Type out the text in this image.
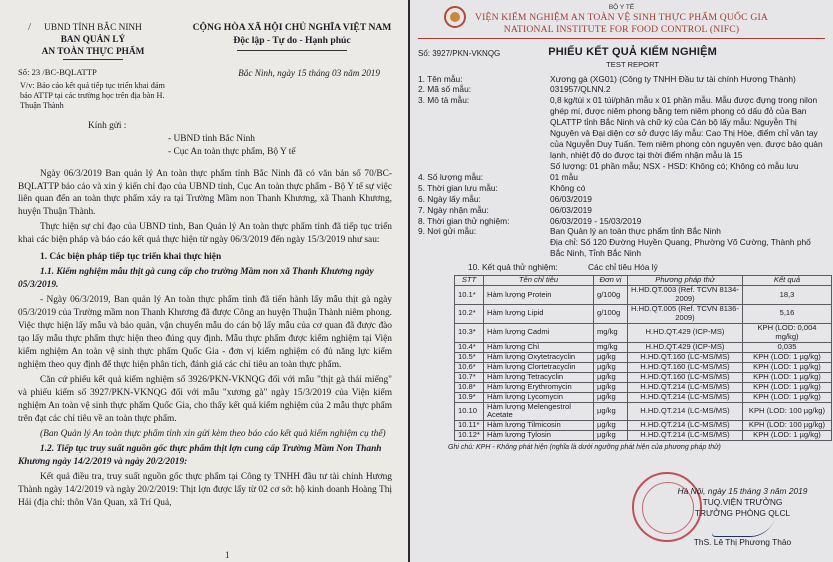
/	UBND TỈNH BẮC NINH
BAN QUẢN LÝ
AN TOÀN THỰC PHẨM
CỘNG HÒA XÃ HỘI CHỦ NGHĨA VIỆT NAM
Độc lập - Tự do - Hạnh phúc
Số: 23 /BC-BQLATTP
V/v: Báo cáo kết quả tiếp tục triển khai đảm bảo ATTP tại các trường học trên địa bàn H. Thuận Thành
Bắc Ninh, ngày 15 tháng 03 năm 2019
Kính gửi :
- UBND tỉnh Bắc Ninh
- Cục An toàn thực phẩm, Bộ Y tế

Ngày 06/3/2019 Ban quản lý An toàn thực phẩm tỉnh Bắc Ninh đã có văn bản số 70/BC-BQLATTP báo cáo và xin ý kiến chỉ đạo của UBND tỉnh, Cục An toàn thực phẩm - Bộ Y tế sự việc liên quan đến an toàn thực phẩm xảy ra tại Trường Mầm non Thanh Khương, xã Thanh Khương, huyện Thuận Thành.

Thực hiện sự chỉ đạo của UBND tỉnh, Ban Quản lý An toàn thực phẩm tỉnh đã tiếp tục triển khai các biện pháp và báo cáo kết quả thực hiện từ ngày 06/3/2019 đến ngày 15/3/2019 như sau:

1. Các biện pháp tiếp tục triển khai thực hiện

1.1. Kiểm nghiệm mẫu thịt gà cung cấp cho trường Mầm non xã Thanh Khương ngày 05/3/2019.

- Ngày 06/3/2019, Ban quản lý An toàn thực phẩm tỉnh đã tiến hành lấy mẫu thịt gà ngày 05/3/2019 của Trường mầm non Thanh Khương đã được Công an huyện Thuận Thành niêm phong. Việc thực hiện lấy mẫu và bảo quản, vận chuyển mẫu do cán bộ lấy mẫu của cơ quan đã được đào tạo lấy mẫu thực phẩm thực hiện theo đúng quy định. Mẫu thực phẩm được kiểm nghiệm tại Viện kiểm nghiệm An toàn vệ sinh thực phẩm Quốc Gia - đơn vị kiểm nghiệm có đủ năng lực kiểm nghiệm theo quy định để thực hiện phân tích, đánh giá các chỉ tiêu an toàn thực phẩm.

Căn cứ phiếu kết quả kiểm nghiệm số 3926/PKN-VKNQG đối với mẫu "thịt gà thái miếng" và phiếu kiểm số 3927/PKN-VKNQG đối với mẫu "xương gà" ngày 15/3/2019 của Viện kiểm nghiệm An toàn vệ sinh thực phẩm Quốc Gia, cho thấy kết quả kiểm nghiệm của 2 mẫu thực phẩm trên đạt các chỉ tiêu về an toàn thực phẩm.

(Ban Quản lý An toàn thực phẩm tỉnh xin gửi kèm theo báo cáo kết quả kiểm nghiệm cụ thể)

1.2. Tiếp tục truy suất nguồn gốc thực phẩm thịt lợn cung cấp Trường Mầm Non Thanh Khương ngày 14/2/2019 và ngày 20/2/2019:

Kết quả điều tra, truy suất nguồn gốc thực phẩm tại Công ty TNHH đầu tư tài chính Hương Thành ngày 14/2/2019 và ngày 20/2/2019: Thịt lợn được lấy từ 02 cơ sở: hộ kinh doanh Hoàng Thị Hải (địa chỉ: thôn Văn Quan, xã Trí Quả,

1
BỘ Y TẾ
VIỆN KIỂM NGHIỆM AN TOÀN VỆ SINH THỰC PHẨM QUỐC GIA
NATIONAL INSTITUTE FOR FOOD CONTROL (NIFC)
Số: 3927/PKN-VKNQG	PHIẾU KẾT QUẢ KIỂM NGHIỆM
TEST REPORT
1. Tên mẫu:	Xương gà (XG01) (Công ty TNHH Đầu tư tài chính Hương Thành)
2. Mã số mẫu:	031957/QLNN.2
3. Mô tả mẫu:	0,8 kg/túi x 01 túi/phân mẫu x 01 phần mẫu. Mẫu được đựng trong nilon ghép mí, được niêm phong bằng tem niêm phong có dấu đỏ của Ban QLATTP tỉnh Bắc Ninh và chữ ký của Cán bộ lấy mẫu: Nguyễn Thị Nguyên và Đại diện cơ sở được lấy mẫu: Cao Thị Hòe, điểm chỉ vân tay của Nguyễn Duy Tuấn. Tem niêm phong còn nguyên vẹn. được bảo quản lạnh, nhiệt độ do được tại thời điểm nhận mẫu là 15
Số lượng: 01 phần mẫu; NSX - HSD: Không có; Không có mẫu lưu
4. Số lượng mẫu:	01 mẫu
5. Thời gian lưu mẫu:	Không có
6. Ngày lấy mẫu:	06/03/2019
7. Ngày nhận mẫu:	06/03/2019
8. Thời gian thử nghiệm:	06/03/2019 - 15/03/2019
9. Nơi gửi mẫu:	Ban Quản lý an toàn thực phẩm tỉnh Bắc Ninh
Địa chỉ: Số 120 Đường Huyền Quang, Phường Võ Cường, Thành phố Bắc Ninh, Tỉnh Bắc Ninh
10. Kết quả thử nghiệm:	Các chỉ tiêu Hóa lý
STT	Tên chỉ tiêu	Đơn vị	Phương pháp thử	Kết quả
10.1*	Hàm lượng Protein	g/100g	H.HD.QT.003 (Ref. TCVN 8134-2009)	18,3
10.2*	Hàm lượng Lipid	g/100g	H.HD.QT.005 (Ref. TCVN 8136-2009)	5,16
10.3*	Hàm lượng Cadmi	mg/kg	H.HD.QT.429 (ICP-MS)	KPH (LOD: 0,004 mg/kg)
10.4*	Hàm lượng Chì	mg/kg	H.HD.QT.429 (ICP-MS)	0,035
10.5*	Hàm lượng Oxytetracyclin	µg/kg	H.HD.QT.160 (LC-MS/MS)	KPH (LOD: 1 µg/kg)
10.6*	Hàm lượng Clortetracyclin	µg/kg	H.HD.QT.160 (LC-MS/MS)	KPH (LOD: 1 µg/kg)
10.7*	Hàm lượng Tetracyclin	µg/kg	H.HD.QT.160 (LC-MS/MS)	KPH (LOD: 1 µg/kg)
10.8*	Hàm lượng Erythromycin	µg/kg	H.HD.QT.214 (LC-MS/MS)	KPH (LOD: 1 µg/kg)
10.9*	Hàm lượng Lycomycin	µg/kg	H.HD.QT.214 (LC-MS/MS)	KPH (LOD: 1 µg/kg)
10.10	Hàm lượng Melengestrol Acetate	µg/kg	H.HD.QT.214 (LC-MS/MS)	KPH (LOD: 100 µg/kg)
10.11*	Hàm lượng Tilmicosin	µg/kg	H.HD.QT.214 (LC-MS/MS)	KPH (LOD: 100 µg/kg)
10.12*	Hàm lượng Tylosin	µg/kg	H.HD.QT.214 (LC-MS/MS)	KPH (LOD: 1 µg/kg)
Ghi chú: KPH - Không phát hiện (nghĩa là dưới ngưỡng phát hiện của phương pháp thử)
Hà Nội, ngày 15 tháng 3 năm 2019
TUQ.VIỆN TRƯỞNG
TRƯỞNG PHÒNG QLCL
ThS. Lê Thị Phương Thảo
